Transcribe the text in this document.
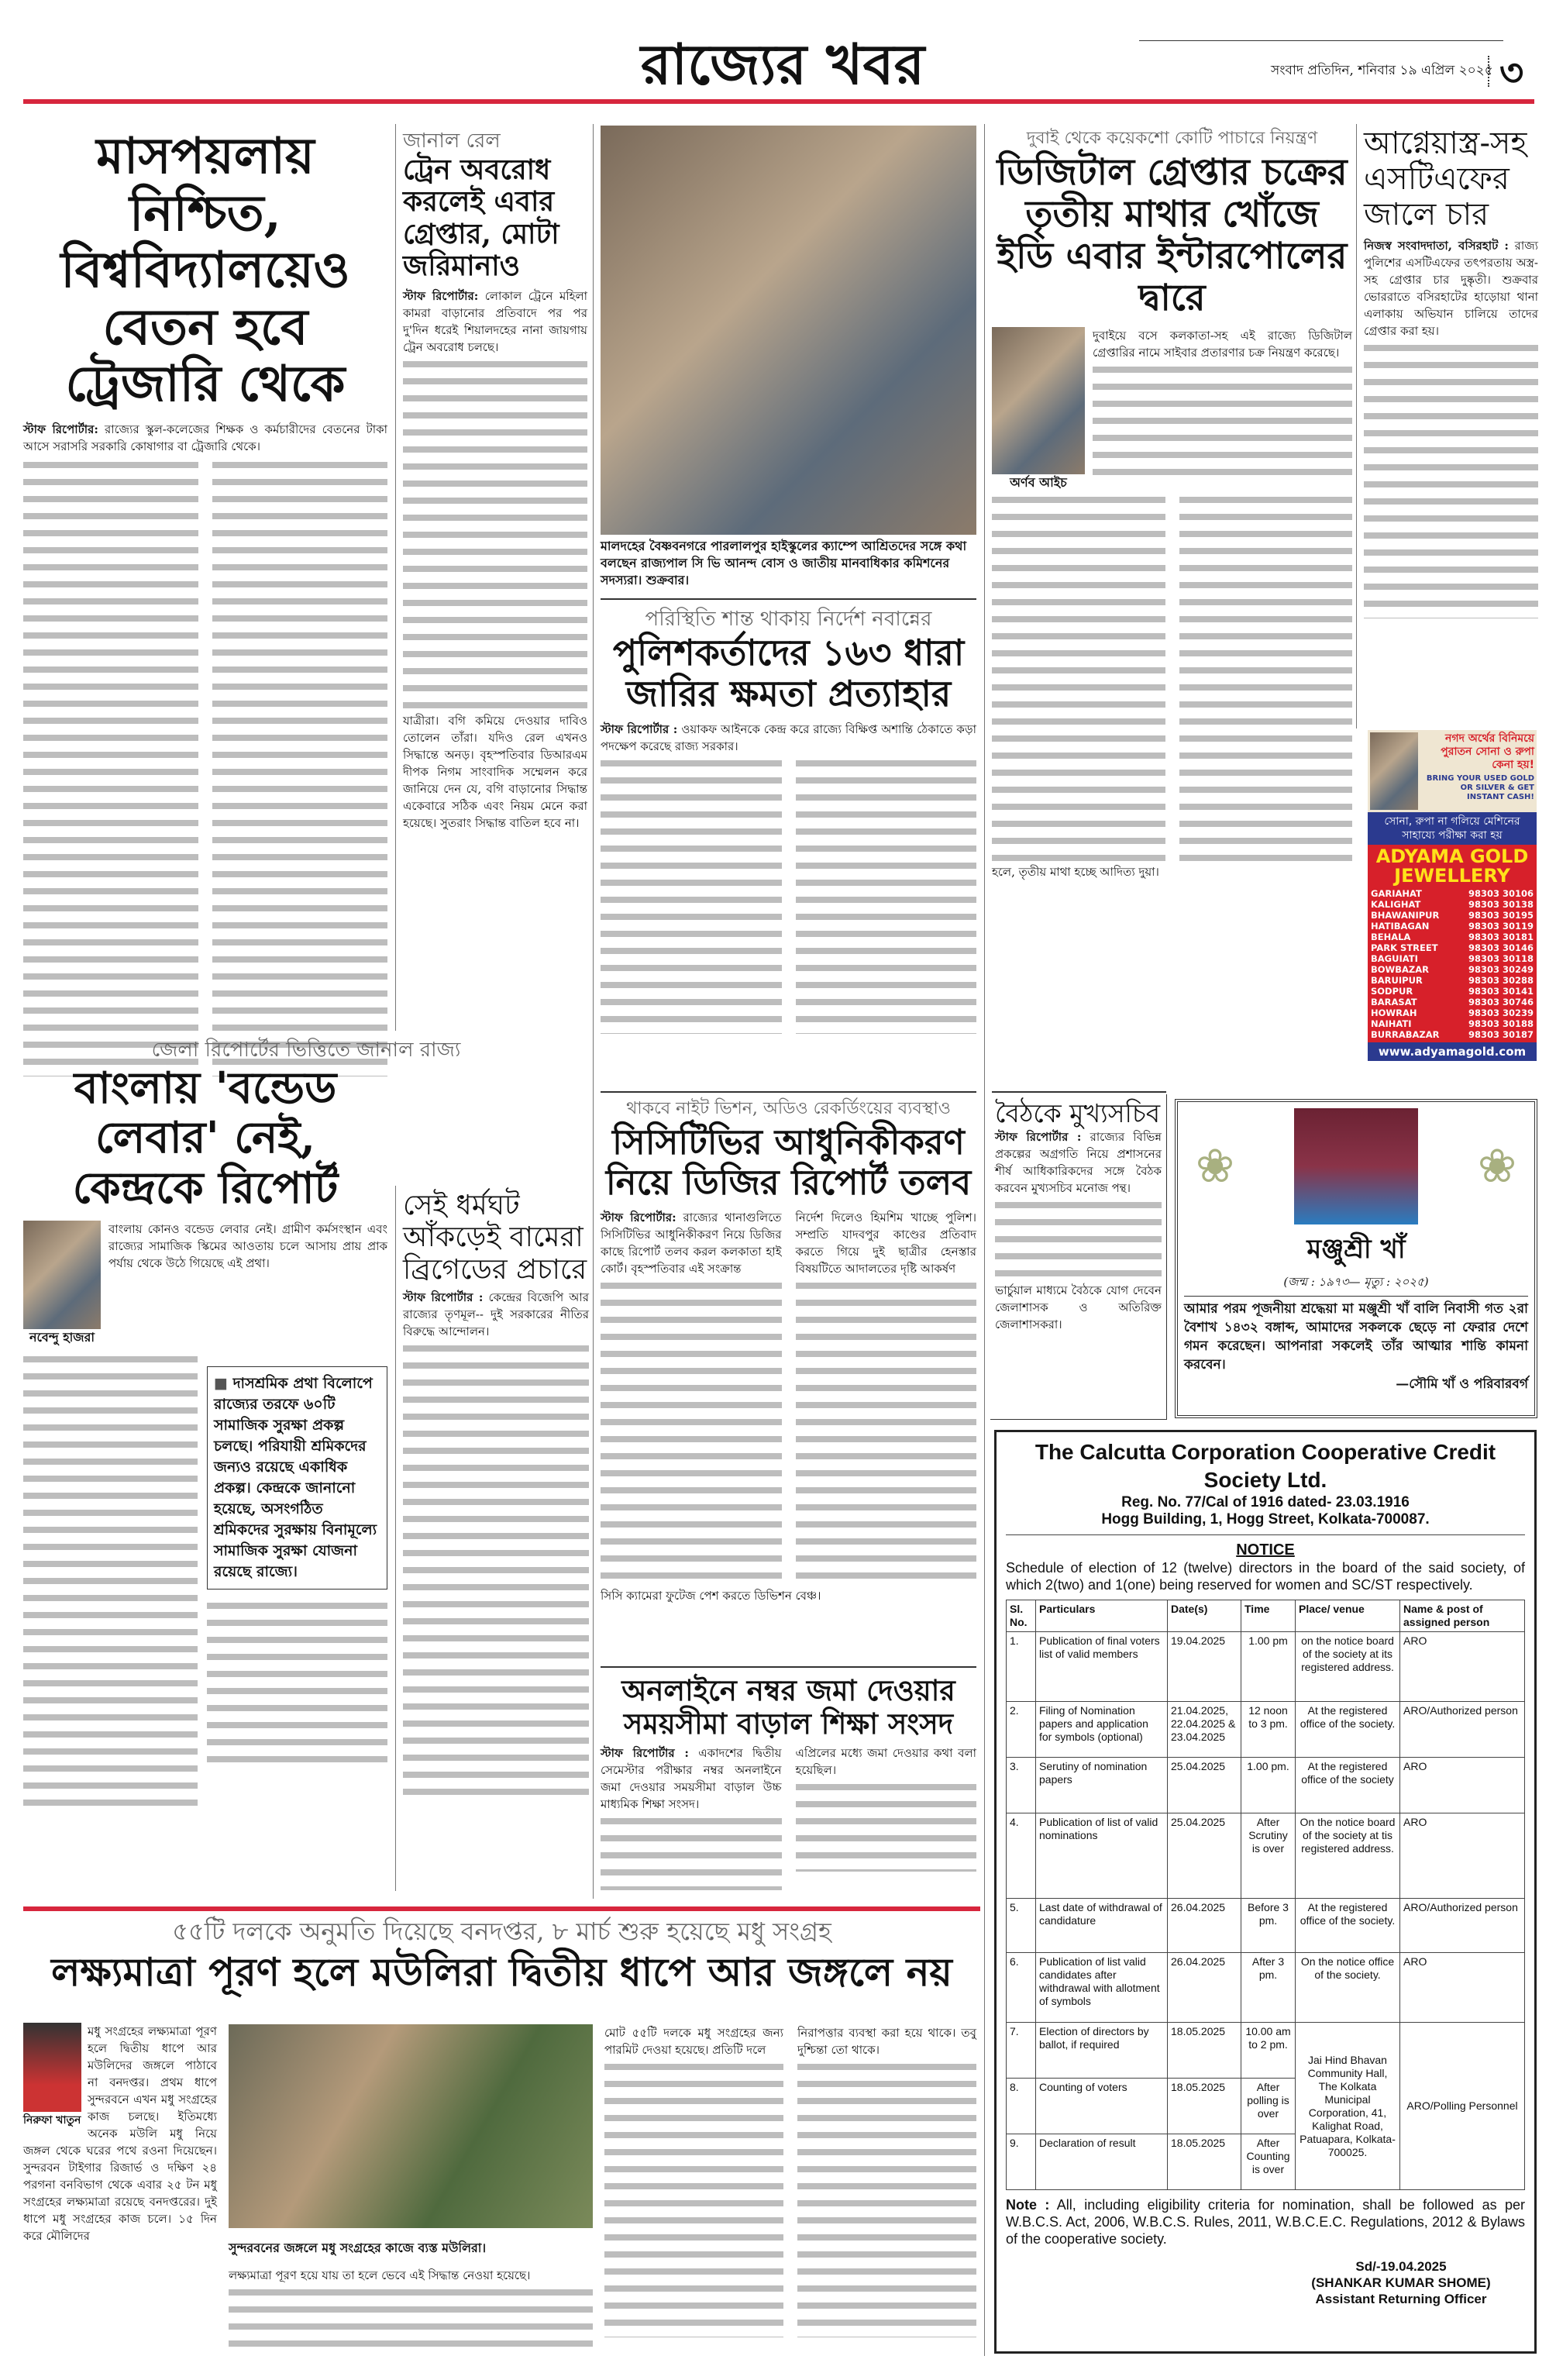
রাজ্যের খবর	সংবাদ প্রতিদিন, শনিবার ১৯ এপ্রিল ২০২৫ ৩
মাসপয়লায় নিশ্চিত, বিশ্ববিদ্যালয়েও বেতন হবে ট্রেজারি থেকে
স্টাফ রিপোর্টার: রাজ্যের স্কুল-কলেজের শিক্ষক ও কর্মচারীদের বেতনের টাকা আসে সরাসরি সরকারি কোষাগার বা ট্রেজারি থেকে।
জানাল রেল
ট্রেন অবরোধ করলেই এবার গ্রেপ্তার, মোটা জরিমানাও
স্টাফ রিপোর্টার: লোকাল ট্রেনে মহিলা কামরা বাড়ানোর প্রতিবাদে পর পর দু'দিন ধরেই শিয়ালদহের নানা জায়গায় ট্রেন অবরোধ চলছে।
যাত্রীরা। বগি কমিয়ে দেওয়ার দাবিও তোলেন তাঁরা। যদিও রেল এখনও সিদ্ধান্তে অনড়। বৃহস্পতিবার ডিআরএম দীপক নিগম সাংবাদিক সম্মেলন করে জানিয়ে দেন যে, বগি বাড়ানোর সিদ্ধান্ত একেবারে সঠিক এবং নিয়ম মেনে করা হয়েছে। সুতরাং সিদ্ধান্ত বাতিল হবে না।
মালদহের বৈষ্ণবনগরে পারলালপুর হাইস্কুলের ক্যাম্পে আশ্রিতদের সঙ্গে কথা বলছেন রাজ্যপাল সি ভি আনন্দ বোস ও জাতীয় মানবাধিকার কমিশনের সদস্যরা। শুক্রবার।
পরিস্থিতি শান্ত থাকায় নির্দেশ নবান্নের
পুলিশকর্তাদের ১৬৩ ধারা জারির ক্ষমতা প্রত্যাহার
স্টাফ রিপোর্টার : ওয়াকফ আইনকে কেন্দ্র করে রাজ্যে বিক্ষিপ্ত অশান্তি ঠেকাতে কড়া পদক্ষেপ করেছে রাজ্য সরকার।
দুবাই থেকে কয়েকশো কোটি পাচারে নিয়ন্ত্রণ
ডিজিটাল গ্রেপ্তার চক্রের তৃতীয় মাথার খোঁজে ইডি এবার ইন্টারপোলের দ্বারে
অর্ণব আইচ
দুবাইয়ে বসে কলকাতা-সহ এই রাজ্যে ডিজিটাল গ্রেপ্তারির নামে সাইবার প্রতারণার চক্র নিয়ন্ত্রণ করেছে।
হলে, তৃতীয় মাথা হচ্ছে আদিত্য দুয়া।
আগ্নেয়াস্ত্র-সহ এসটিএফের জালে চার
নিজস্ব সংবাদদাতা, বসিরহাট : রাজ্য পুলিশের এসটিএফের তৎপরতায় অস্ত্র-সহ গ্রেপ্তার চার দুষ্কৃতী। শুক্রবার ভোররাতে বসিরহাটের হাড়োয়া থানা এলাকায় অভিযান চালিয়ে তাদের গ্রেপ্তার করা হয়।
নগদ অর্থের বিনিময়ে পুরাতন সোনা ও রুপা কেনা হয়!
BRING YOUR USED GOLD OR SILVER & GET INSTANT CASH!
সোনা, রুপা না গলিয়ে মেশিনের সাহায্যে পরীক্ষা করা হয়
ADYAMA GOLD JEWELLERY
GARIAHAT	98303 30106
KALIGHAT	98303 30138
BHAWANIPUR	98303 30195
HATIBAGAN	98303 30119
BEHALA	98303 30181
PARK STREET	98303 30146
BAGUIATI	98303 30118
BOWBAZAR	98303 30249
BARUIPUR	98303 30288
SODPUR	98303 30141
BARASAT	98303 30746
HOWRAH	98303 30239
NAIHATI	98303 30188
BURRABAZAR	98303 30187
www.adyamagold.com
জেলা রিপোর্টের ভিত্তিতে জানাল রাজ্য
বাংলায় 'বন্ডেড লেবার' নেই, কেন্দ্রকে রিপোর্ট
নবেন্দু হাজরা
বাংলায় কোনও বন্ডেড লেবার নেই। গ্রামীণ কর্মসংস্থান এবং রাজ্যের সামাজিক স্কিমের আওতায় চলে আসায় প্রায় প্রাক পর্যায় থেকে উঠে গিয়েছে এই প্রথা।
■ দাসশ্রমিক প্রথা বিলোপে রাজ্যের তরফে ৬০টি সামাজিক সুরক্ষা প্রকল্প চলছে। পরিযায়ী শ্রমিকদের জন্যও রয়েছে একাধিক প্রকল্প। কেন্দ্রকে জানানো হয়েছে, অসংগঠিত শ্রমিকদের সুরক্ষায় বিনামূল্যে সামাজিক সুরক্ষা যোজনা রয়েছে রাজ্যে।
সেই ধর্মঘট আঁকড়েই বামেরা ব্রিগেডের প্রচারে
স্টাফ রিপোর্টার : কেন্দ্রের বিজেপি আর রাজ্যের তৃণমূল-- দুই সরকারের নীতির বিরুদ্ধে আন্দোলন।
থাকবে নাইট ভিশন, অডিও রেকর্ডিংয়ের ব্যবস্থাও
সিসিটিভির আধুনিকীকরণ নিয়ে ডিজির রিপোর্ট তলব
স্টাফ রিপোর্টার: রাজ্যের থানাগুলিতে সিসিটিভির আধুনিকীকরণ নিয়ে ডিজির কাছে রিপোর্ট তলব করল কলকাতা হাই কোর্ট। বৃহস্পতিবার এই সংক্রান্ত
নির্দেশ দিলেও হিমশিম খাচ্ছে পুলিশ। সম্প্রতি যাদবপুর কাণ্ডের প্রতিবাদ করতে গিয়ে দুই ছাত্রীর হেনস্তার বিষয়টিতে আদালতের দৃষ্টি আকর্ষণ
সিসি ক্যামেরা ফুটেজ পেশ করতে ডিভিশন বেঞ্চ।
অনলাইনে নম্বর জমা দেওয়ার সময়সীমা বাড়াল শিক্ষা সংসদ
স্টাফ রিপোর্টার : একাদশের দ্বিতীয় সেমেস্টার পরীক্ষার নম্বর অনলাইনে জমা দেওয়ার সময়সীমা বাড়াল উচ্চ মাধ্যমিক শিক্ষা সংসদ।
এপ্রিলের মধ্যে জমা দেওয়ার কথা বলা হয়েছিল।
বৈঠকে মুখ্যসচিব
স্টাফ রিপোর্টার : রাজ্যের বিভিন্ন প্রকল্পের অগ্রগতি নিয়ে প্রশাসনের শীর্ষ আধিকারিকদের সঙ্গে বৈঠক করবেন মুখ্যসচিব মনোজ পন্থ।
ভার্চুয়াল মাধ্যমে বৈঠকে যোগ দেবেন জেলাশাসক ও অতিরিক্ত জেলাশাসকরা।
❀	❀
মঞ্জুশ্রী খাঁ
(জন্ম : ১৯৭৩— মৃত্যু : ২০২৫)
আমার পরম পূজনীয়া শ্রদ্ধেয়া মা মঞ্জুশ্রী খাঁ বালি নিবাসী গত ২রা বৈশাখ ১৪৩২ বঙ্গাব্দ, আমাদের সকলকে ছেড়ে না ফেরার দেশে গমন করেছেন। আপনারা সকলেই তাঁর আত্মার শান্তি কামনা করবেন।
—সৌমি খাঁ ও পরিবারবর্গ
The Calcutta Corporation Cooperative Credit Society Ltd.
Reg. No. 77/Cal of 1916 dated- 23.03.1916
Hogg Building, 1, Hogg Street, Kolkata-700087.
NOTICE
Schedule of election of 12 (twelve) directors in the board of the said society, of which 2(two) and 1(one) being reserved for women and SC/ST respectively.
Sl. No.	Particulars	Date(s)	Time	Place/ venue	Name & post of assigned person
1.	Publication of final voters list of valid members	19.04.2025	1.00 pm	on the notice board of the society at its registered address.	ARO
2.	Filing of Nomination papers and application for symbols (optional)	21.04.2025, 22.04.2025 & 23.04.2025	12 noon to 3 pm.	At the registered office of the society.	ARO/Authorized person
3.	Serutiny of nomination papers	25.04.2025	1.00 pm.	At the registered office of the society	ARO
4.	Publication of list of valid nominations	25.04.2025	After Scrutiny is over	On the notice board of the society at tis registered address.	ARO
5.	Last date of withdrawal of candidature	26.04.2025	Before 3 pm.	At the registered office of the society.	ARO/Authorized person
6.	Publication of list valid candidates after withdrawal with allotment of symbols	26.04.2025	After 3 pm.	On the notice office of the society.	ARO
7.	Election of directors by ballot, if required	18.05.2025	10.00 am to 2 pm.	Jai Hind Bhavan Community Hall, The Kolkata Municipal Corporation, 41, Kalighat Road, Patuapara, Kolkata- 700025.	ARO/Polling Personnel
8.	Counting of voters	18.05.2025	After polling is over		
9.	Declaration of result	18.05.2025	After Counting is over		
Note : All, including eligibility criteria for nomination, shall be followed as per W.B.C.S. Act, 2006, W.B.C.S. Rules, 2011, W.B.C.E.C. Regulations, 2012 & Bylaws of the cooperative society.
Sd/-19.04.2025
(SHANKAR KUMAR SHOME)
Assistant Returning Officer
৫৫টি দলকে অনুমতি দিয়েছে বনদপ্তর, ৮ মার্চ শুরু হয়েছে মধু সংগ্রহ
লক্ষ্যমাত্রা পূরণ হলে মউলিরা দ্বিতীয় ধাপে আর জঙ্গলে নয়
নিরুফা খাতুন
মধু সংগ্রহের লক্ষ্যমাত্রা পূরণ হলে দ্বিতীয় ধাপে আর মউলিদের জঙ্গলে পাঠাবে না বনদপ্তর। প্রথম ধাপে সুন্দরবনে এখন মধু সংগ্রহের কাজ চলছে। ইতিমধ্যে অনেক মউলি মধু নিয়ে জঙ্গল থেকে ঘরের পথে রওনা দিয়েছেন। সুন্দরবন টাইগার রিজার্ভ ও দক্ষিণ ২৪ পরগনা বনবিভাগ থেকে এবার ২৫ টন মধু সংগ্রহের লক্ষ্যমাত্রা রয়েছে বনদপ্তরের। দুই ধাপে মধু সংগ্রহের কাজ চলে। ১৫ দিন করে মৌলিদের
সুন্দরবনের জঙ্গলে মধু সংগ্রহের কাজে ব্যস্ত মউলিরা।
লক্ষ্যমাত্রা পূরণ হয়ে যায় তা হলে ভেবে এই সিদ্ধান্ত নেওয়া হয়েছে।
মোট ৫৫টি দলকে মধু সংগ্রহের জন্য পারমিট দেওয়া হয়েছে। প্রতিটি দলে
নিরাপত্তার ব্যবস্থা করা হয়ে থাকে। তবু দুশ্চিন্তা তো থাকে।
